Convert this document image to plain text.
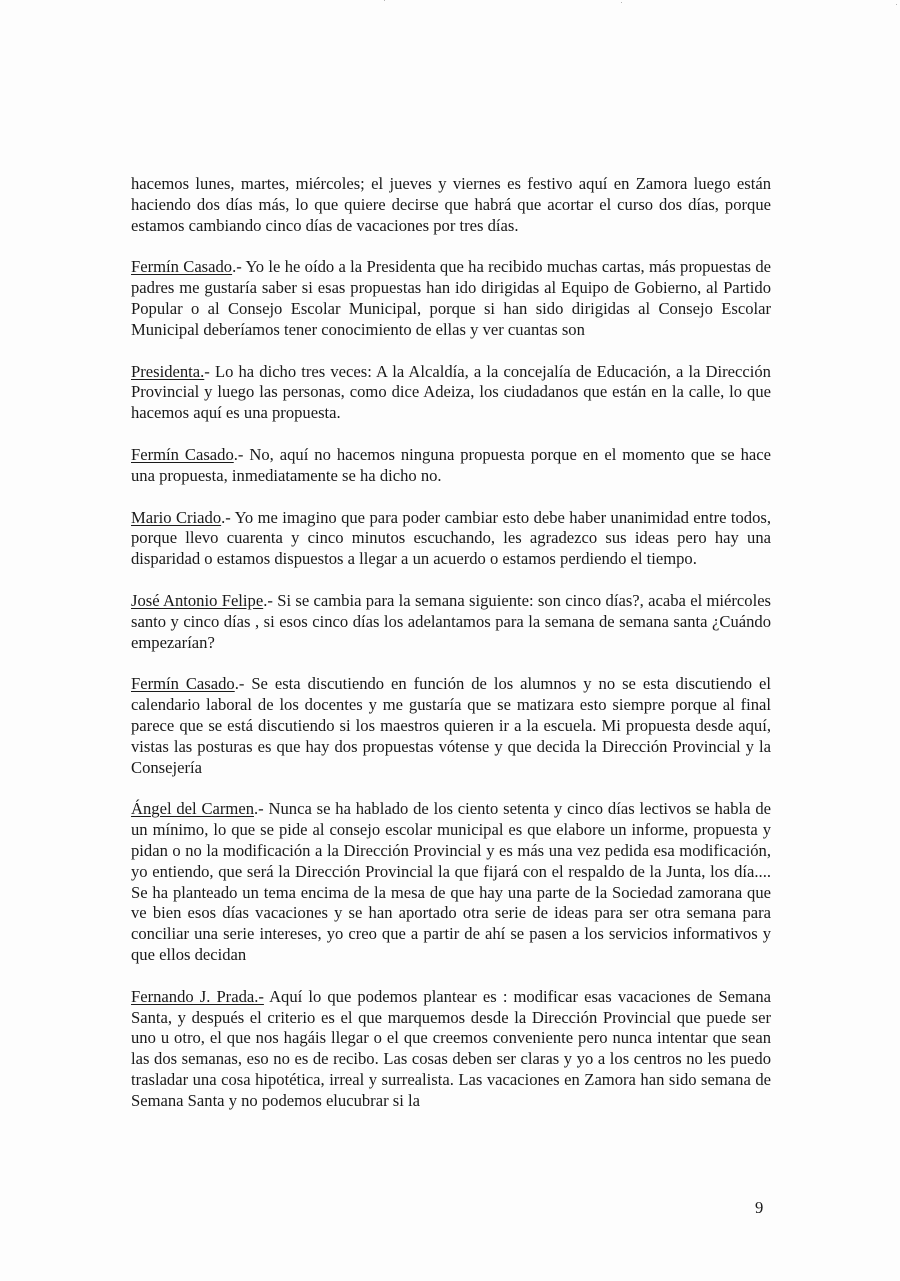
hacemos lunes, martes, miércoles; el jueves y viernes es festivo aquí en Zamora luego están haciendo dos días más, lo que quiere decirse que habrá que acortar el curso dos días, porque estamos cambiando cinco días de vacaciones por tres días.

Fermín Casado.- Yo le he oído a la Presidenta que ha recibido muchas cartas, más propuestas de padres me gustaría saber si esas propuestas han ido dirigidas al Equipo de Gobierno, al Partido Popular o al Consejo Escolar Municipal, porque si han sido dirigidas al Consejo Escolar Municipal deberíamos tener conocimiento de ellas y ver cuantas son

Presidenta.- Lo ha dicho tres veces: A la Alcaldía, a la concejalía de Educación, a la Dirección Provincial y luego las personas, como dice Adeiza, los ciudadanos que están en la calle, lo que hacemos aquí es una propuesta.

Fermín Casado.- No, aquí no hacemos ninguna propuesta porque en el momento que se hace una propuesta, inmediatamente se ha dicho no.

Mario Criado.- Yo me imagino que para poder cambiar esto debe haber unanimidad entre todos, porque llevo cuarenta y cinco minutos escuchando, les agradezco sus ideas pero hay una disparidad o estamos dispuestos a llegar a un acuerdo o estamos perdiendo el tiempo.

José Antonio Felipe.- Si se cambia para la semana siguiente: son cinco días?, acaba el miércoles santo y cinco días , si esos cinco días los adelantamos para la semana de semana santa ¿Cuándo empezarían?

Fermín Casado.- Se esta discutiendo en función de los alumnos y no se esta discutiendo el calendario laboral de los docentes y me gustaría que se matizara esto siempre porque al final parece que se está discutiendo si los maestros quieren ir a la escuela. Mi propuesta desde aquí, vistas las posturas es que hay dos propuestas vótense y que decida la Dirección Provincial y la Consejería

Ángel del Carmen.- Nunca se ha hablado de los ciento setenta y cinco días lectivos se habla de un mínimo, lo que se pide al consejo escolar municipal es que elabore un informe, propuesta y pidan o no la modificación a la Dirección Provincial y es más una vez pedida esa modificación, yo entiendo, que será la Dirección Provincial la que fijará con el respaldo de la Junta, los día.... Se ha planteado un tema encima de la mesa de que hay una parte de la Sociedad zamorana que ve bien esos días vacaciones y se han aportado otra serie de ideas para ser otra semana para conciliar una serie intereses, yo creo que a partir de ahí se pasen a los servicios informativos y que ellos decidan

Fernando J. Prada.- Aquí lo que podemos plantear es : modificar esas vacaciones de Semana Santa, y después el criterio es el que marquemos desde la Dirección Provincial que puede ser uno u otro, el que nos hagáis llegar o el que creemos conveniente pero nunca intentar que sean las dos semanas, eso no es de recibo. Las cosas deben ser claras y yo a los centros no les puedo trasladar una cosa hipotética, irreal y surrealista. Las vacaciones en Zamora han sido semana de Semana Santa y no podemos elucubrar si la

9
